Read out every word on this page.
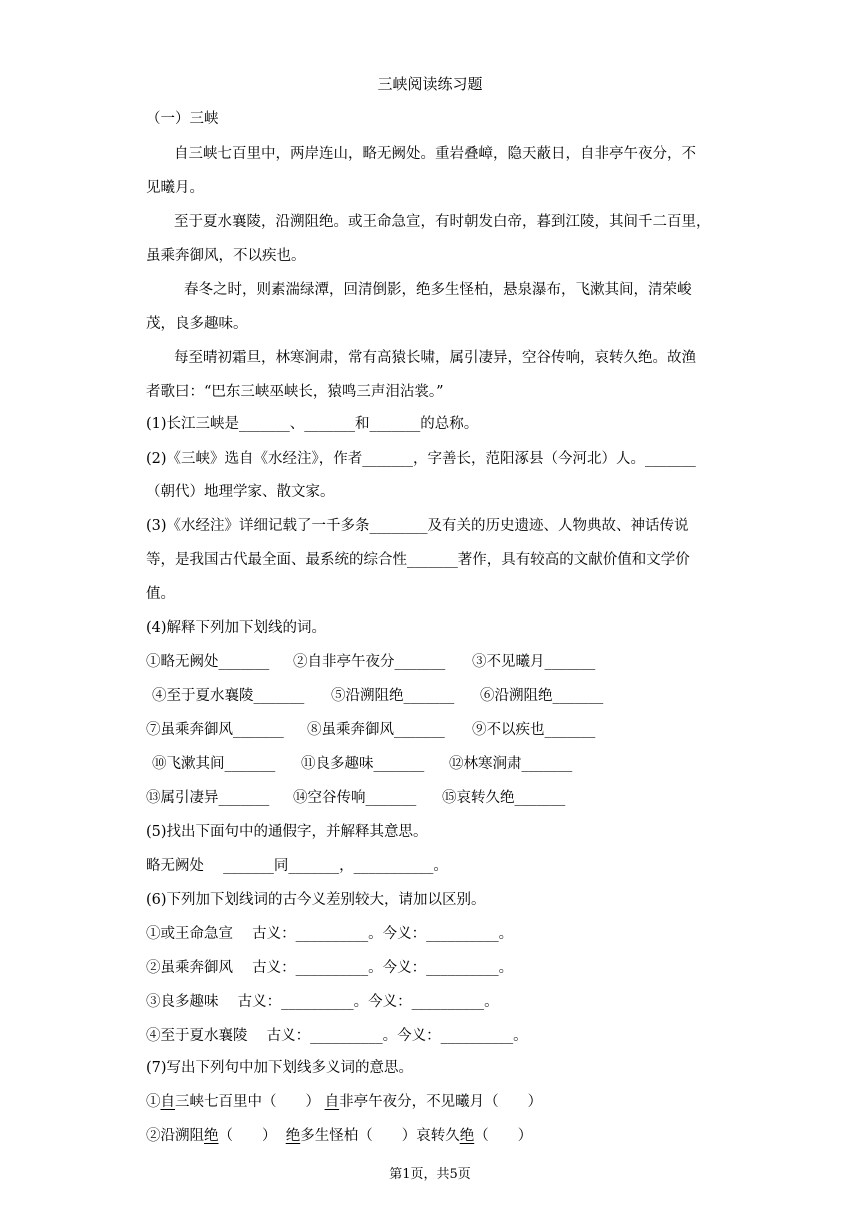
三峡阅读练习题
（一）三峡
自三峡七百里中，两岸连山，略无阙处。重岩叠嶂，隐天蔽日，自非亭午夜分，不
见曦月。
至于夏水襄陵，沿溯阻绝。或王命急宣，有时朝发白帝，暮到江陵，其间千二百里，
虽乘奔御风，不以疾也。
春冬之时，则素湍绿潭，回清倒影，绝多生怪柏，悬泉瀑布，飞漱其间，清荣峻
茂，良多趣味。
每至晴初霜旦，林寒涧肃，常有高猿长啸，属引凄异，空谷传响，哀转久绝。故渔
者歌曰：“巴东三峡巫峡长，猿鸣三声泪沾裳。”
(1)长江三峡是_______、_______和_______的总称。
(2)《三峡》选自《水经注》，作者_______，字善长，范阳涿县（今河北）人。_______
（朝代）地理学家、散文家。
(3)《水经注》详细记载了一千多条________及有关的历史遗迹、人物典故、神话传说
等，是我国古代最全面、最系统的综合性_______著作，具有较高的文献价值和文学价
值。
(4)解释下列加下划线的词。
①略无阙处_______ ②自非亭午夜分_______ ③不见曦月_______
④至于夏水襄陵_______ ⑤沿溯阻绝_______ ⑥沿溯阻绝_______
⑦虽乘奔御风_______ ⑧虽乘奔御风_______ ⑨不以疾也_______
⑩飞漱其间_______ ⑪良多趣味_______ ⑫林寒涧肃_______
⑬属引凄异_______ ⑭空谷传响_______ ⑮哀转久绝_______
(5)找出下面句中的通假字，并解释其意思。
略无阙处　 _______同_______，___________。
(6)下列加下划线词的古今义差别较大，请加以区别。
①或王命急宣　 古义：__________。今义：__________。
②虽乘奔御风　 古义：__________。今义：__________。
③良多趣味　 古义：__________。今义：__________。
④至于夏水襄陵　 古义：__________。今义：__________。
(7)写出下列句中加下划线多义词的意思。
①自三峡七百里中（　　） 自非亭午夜分，不见曦月（　　）
②沿溯阻绝（　　） 绝多生怪柏（　　）哀转久绝（　　）
第1页，共5页
